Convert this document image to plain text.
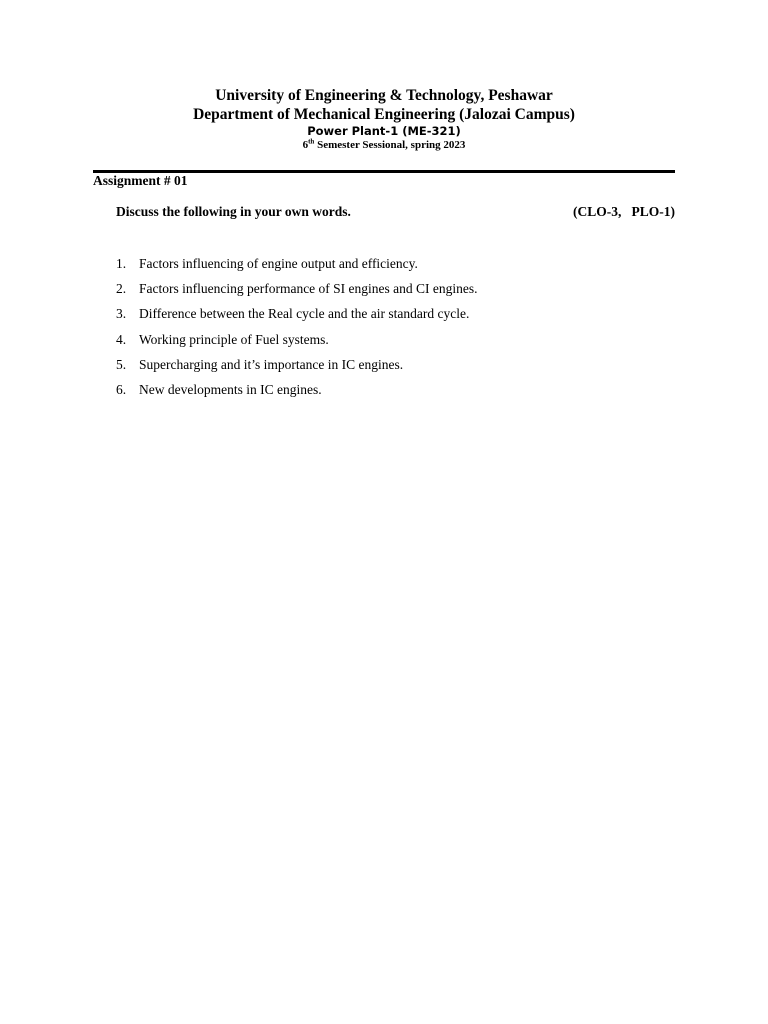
University of Engineering & Technology, Peshawar
Department of Mechanical Engineering (Jalozai Campus)
Power Plant-1 (ME-321)
6th Semester Sessional, spring 2023
Assignment # 01
Discuss the following in your own words.	(CLO-3,   PLO-1)
1. Factors influencing of engine output and efficiency.
2. Factors influencing performance of SI engines and CI engines.
3. Difference between the Real cycle and the air standard cycle.
4. Working principle of Fuel systems.
5. Supercharging and it’s importance in IC engines.
6. New developments in IC engines.
